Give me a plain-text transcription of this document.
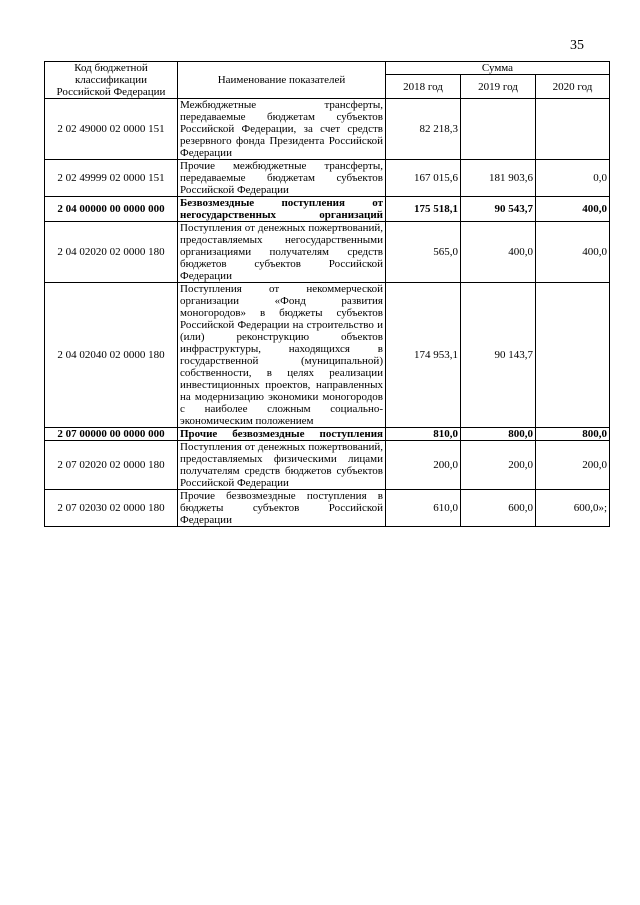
35
Код бюджетной классификации Российской Федерации	Наименование показателей	Сумма		
		2018 год	2019 год	2020 год
2 02 49000 02 0000 151	Межбюджетные трансферты, передаваемые бюджетам субъектов Российской Федерации, за счет средств резервного фонда Президента Российской Федерации	82 218,3		
2 02 49999 02 0000 151	Прочие межбюджетные трансферты, передаваемые бюджетам субъектов Российской Федерации	167 015,6	181 903,6	0,0
2 04 00000 00 0000 000	Безвозмездные поступления от негосударственных организаций	175 518,1	90 543,7	400,0
2 04 02020 02 0000 180	Поступления от денежных пожертвований, предоставляемых негосударственными организациями получателям средств бюджетов субъектов Российской Федерации	565,0	400,0	400,0
2 04 02040 02 0000 180	Поступления от некоммерческой организации «Фонд развития моногородов» в бюджеты субъектов Российской Федерации на строительство и (или) реконструкцию объектов инфраструктуры, находящихся в государственной (муниципальной) собственности, в целях реализации инвестиционных проектов, направленных на модернизацию экономики моногородов с наиболее сложным социально-экономическим положением	174 953,1	90 143,7	
2 07 00000 00 0000 000	Прочие безвозмездные поступления	810,0	800,0	800,0
2 07 02020 02 0000 180	Поступления от денежных пожертвований, предоставляемых физическими лицами получателям средств бюджетов субъектов Российской Федерации	200,0	200,0	200,0
2 07 02030 02 0000 180	Прочие безвозмездные поступления в бюджеты субъектов Российской Федерации	610,0	600,0	600,0»;
